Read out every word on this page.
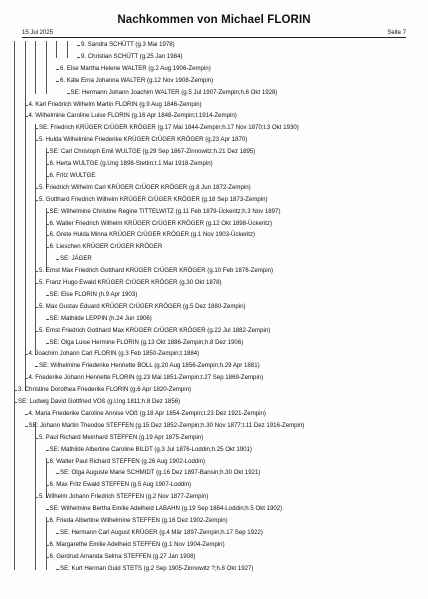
Nachkommen von Michael FLORIN
15 Jul 2025	Seite 7
9. Sandra SCHÜTT (g.3 Mai 1978)
9. Christian SCHÜTT (g.25 Jan 1984)
6. Else Martha Helene WALTER (g.2 Aug 1906-Zempin)
6. Käte Erna Johanna WALTER (g.12 Nov 1908-Zempin)
SE: Hermann Johann Joachim WALTER (g.5 Jul 1907-Zempin;h.6 Okt 1928)
4. Karl Friedrich Wilhelm Martin FLORIN (g.9 Aug 1846-Zempin)
4. Wilhelmine Caroline Luise FLORIN (g.16 Apr 1848-Zempin;t.1914-Zempin)
SE: Friedrich KRÜGER CrÜGER KRÖGER (g.17 Mai 1844-Zempin;h.17 Nov 1870;t.3 Okt 1930)
5. Hulda Wilhelmine Friederike KRÜGER CrÜGER KRÖGER (g.23 Apr 1870)
SE: Carl Christoph Emil WULTGE (g.29 Sep 1867-Zinnowitz;h.21 Dez 1895)
6. Herta WULTGE (g.Ung 1898-Stettin;t.1 Mai 1918-Zempin)
6. Fritz WULTGE
5. Friedrich Wilhelm Carl KRÜGER CrÜGER KRÖGER (g.8 Jun 1872-Zempin)
5. Gotthard Friedrich Wilhelm KRÜGER CrÜGER KRÖGER (g.18 Sep 1873-Zempin)
SE: Wilhelmine Christine Regine TITTELWITZ (g.11 Feb 1879-Ückeritz;h.3 Nov 1897)
6. Walter Friedrich Wilhelm KRÜGER CrÜGER KRÖGER (g.12 Okt 1898-Ückeritz)
6. Grete Hulda Minna KRÜGER CrÜGER KRÖGER (g.1 Nov 1903-Ückeritz)
6. Lieschen KRÜGER CrÜGER KRÖGER
SE: JÄGER
5. Ernst Max Friedrich Gotthard KRÜGER CrÜGER KRÖGER (g.10 Feb 1876-Zempin)
5. Franz Hugo Ewald KRÜGER CrÜGER KRÖGER (g.30 Okt 1878)
SE: Else FLORIN (h.9 Apr 1903)
5. Max Gustav Eduard KRÜGER CrÜGER KRÖGER (g.5 Dez 1880-Zempin)
SE: Mathilde LEPPIN (h.24 Jun 1906)
5. Ernst Friedrich Gotthard Max KRÜGER CrÜGER KRÖGER (g.22 Jul 1882-Zempin)
SE: Olga Luise Hermine FLORIN (g.13 Okt 1886-Zempin;h.8 Dez 1906)
4. Joachim Johann Carl FLORIN (g.3 Feb 1850-Zempin;t.1884)
SE: Wilhelmine Friederike Henriette BOLL (g.20 Aug 1856-Zempin;h.29 Apr 1881)
4. Friederike Johann Henriette FLORIN (g.23 Mai 1851-Zempin;t.27 Sep 1869-Zempin)
3. Christine Dorothea Friederike FLORIN (g.6 Apr 1820-Zempin)
SE: Ludwig David Gottfried VOß (g.Ung 1811;h.8 Dez 1856)
4. Maria Friederike Caroline Annise VOß (g.18 Apr 1854-Zempin;t.23 Dez 1921-Zempin)
SE: Johann Martin Theodoe STEFFEN (g.15 Dez 1852-Zempin;h.30 Nov 1877;t.11 Dez 1916-Zempin)
5. Paul Richard Meinhard STEFFEN (g.19 Apr 1875-Zempin)
SE: Mathilde Albertine Caroline BILDT (g.3 Jul 1876-Loddin;h.25 Okt 1901)
6. Walter Paul Richard STEFFEN (g.26 Aug 1902-Loddin)
SE: Olga Auguste Marie SCHMIDT (g.16 Dez 1897-Bansin;h.30 Okt 1921)
6. Max Fritz Ewald STEFFEN (g.5 Aug 1907-Loddin)
5. Wilhelm Johann Friedrich STEFFEN (g.2 Nov 1877-Zempin)
SE: Wilhelmine Bertha Emilie Adelheid LABAHN (g.19 Sep 1884-Loddin;h.5 Okt 1902)
6. Frieda Albertine Wilhelmine STEFFEN (g.16 Dez 1902-Zempin)
SE: Hermann Carl August KRÜGER (g.4 Mär 1897-Zempin;h.17 Sep 1922)
6. Margarethe Emilie Adelheid STEFFEN (g.1 Nov 1904-Zempin)
6. Gerdrud Amanda Selma STEFFEN (g.27 Jan 1908)
SE: Kurt Herman Guid STETS (g.2 Sep 1905-Zinnowitz ?;h.8 Okt 1927)
